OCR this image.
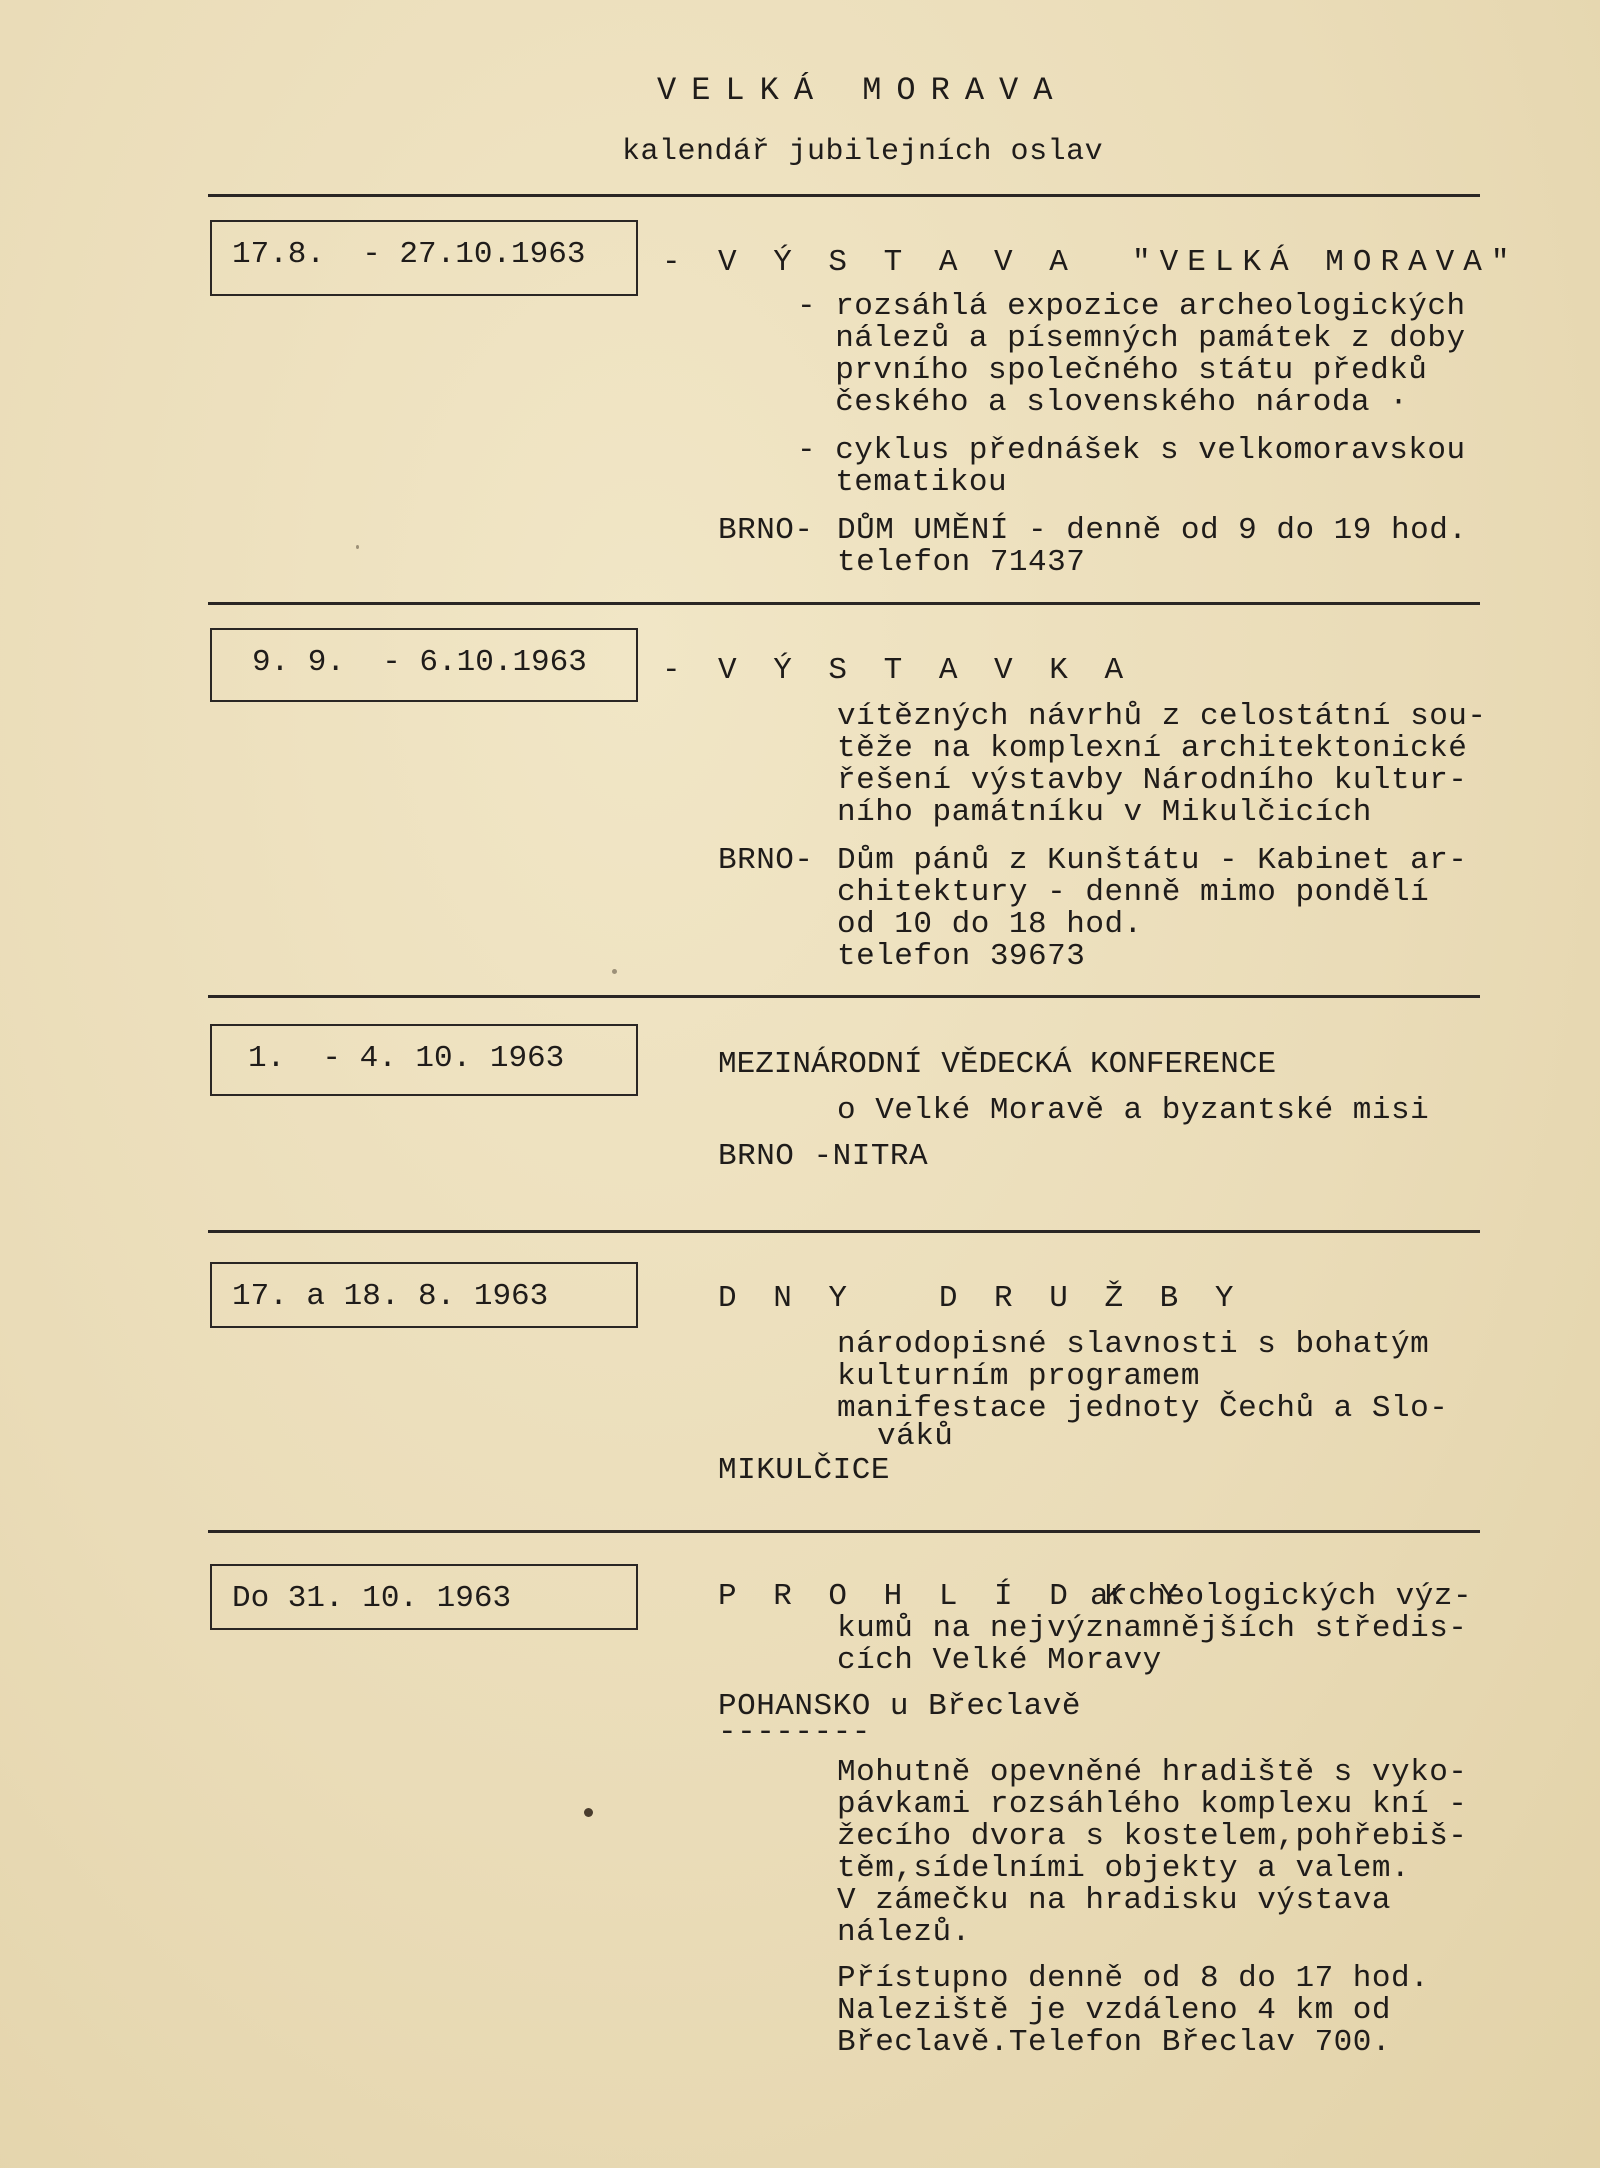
VELKÁ MORAVA
kalendář jubilejních oslav
17.8.  - 27.10.1963	- V Ý S T A V A  "VELKÁ MORAVA"
- rozsáhlá expozice archeologických
nálezů a písemných památek z doby
prvního společného státu předků
českého a slovenského národa ·
- cyklus přednášek s velkomoravskou
tematikou
BRNO- DŮM UMĚNÍ - denně od 9 do 19 hod.
telefon 71437
9. 9.  - 6.10.1963	- V Ý S T A V K A
vítězných návrhů z celostátní sou-
těže na komplexní architektonické
řešení výstavby Národního kultur-
ního památníku v Mikulčicích
BRNO- Dům pánů z Kunštátu - Kabinet ar-
chitektury - denně mimo pondělí
od 10 do 18 hod.
telefon 39673
1.  - 4. 10. 1963	MEZINÁRODNÍ VĚDECKÁ KONFERENCE
o Velké Moravě a byzantské misi
BRNO -NITRA
17. a 18. 8. 1963	D N Y   D R U Ž B Y
národopisné slavnosti s bohatým
kulturním programem
manifestace jednoty Čechů a Slo-
váků
MIKULČICE
Do 31. 10. 1963	P R O H L Í D K Y
archeologických výz-
kumů na nejvýznamnějších středis-
cích Velké Moravy
POHANSKO u Břeclavě
--------
Mohutně opevněné hradiště s vyko-
pávkami rozsáhlého komplexu kní -
žecího dvora s kostelem,pohřebiš-
těm,sídelními objekty a valem.
V zámečku na hradisku výstava
nálezů.
Přístupno denně od 8 do 17 hod.
Naleziště je vzdáleno 4 km od
Břeclavě.Telefon Břeclav 700.
